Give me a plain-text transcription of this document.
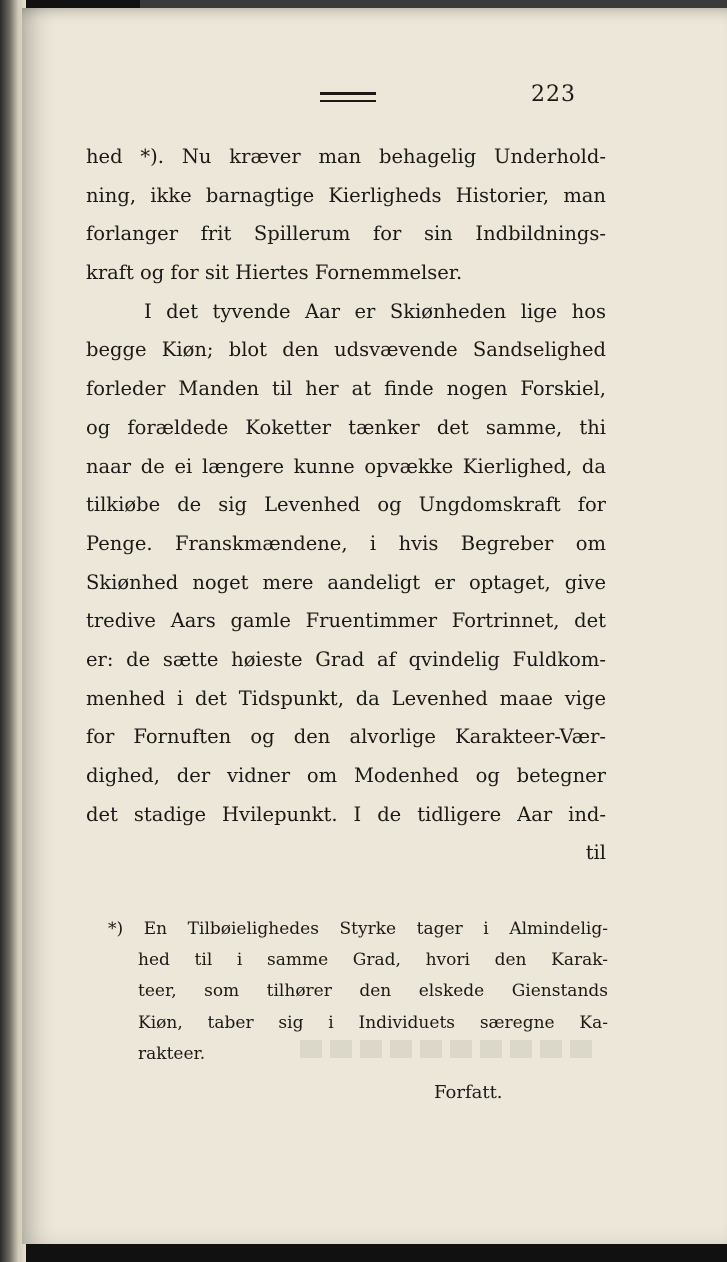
223
hed *). Nu kræver man behagelig Underhold-
ning, ikke barnagtige Kierligheds Historier, man
forlanger frit Spillerum for sin Indbildnings-
kraft og for sit Hiertes Fornemmelser.
I det tyvende Aar er Skiønheden lige hos
begge Kiøn; blot den udsvævende Sandselighed
forleder Manden til her at finde nogen Forskiel,
og forældede Koketter tænker det samme, thi
naar de ei længere kunne opvække Kierlighed, da
tilkiøbe de sig Levenhed og Ungdomskraft for
Penge. Franskmændene, i hvis Begreber om
Skiønhed noget mere aandeligt er optaget, give
tredive Aars gamle Fruentimmer Fortrinnet, det
er: de sætte høieste Grad af qvindelig Fuldkom-
menhed i det Tidspunkt, da Levenhed maae vige
for Fornuften og den alvorlige Karakteer-Vær-
dighed, der vidner om Modenhed og betegner
det stadige Hvilepunkt. I de tidligere Aar ind-
til
*) En Tilbøielighedes Styrke tager i Almindelig-
hed til i samme Grad, hvori den Karak-
teer, som tilhører den elskede Gienstands
Kiøn, taber sig i Individuets særegne Ka-
rakteer.
Forfatt.
